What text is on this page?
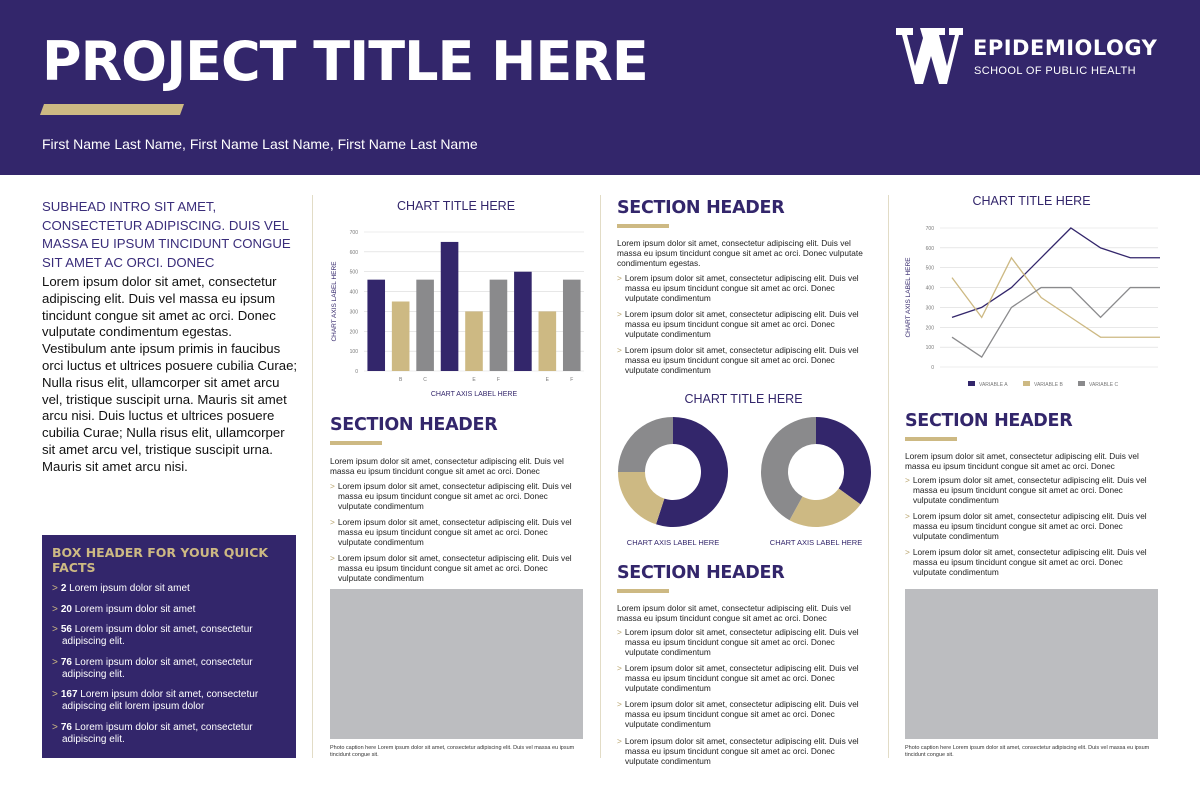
PROJECT TITLE HERE
First Name Last Name, First Name Last Name, First Name Last Name
EPIDEMIOLOGY
SCHOOL OF PUBLIC HEALTH
SUBHEAD INTRO SIT AMET, CONSECTETUR ADIPISCING. DUIS VEL MASSA EU IPSUM TINCIDUNT CONGUE SIT AMET AC ORCI. DONEC
Lorem ipsum dolor sit amet, consectetur adipiscing elit. Duis vel massa eu ipsum tincidunt congue sit amet ac orci. Donec vulputate condimentum egestas. Vestibulum ante ipsum primis in faucibus orci luctus et ultrices posuere cubilia Curae; Nulla risus elit, ullamcorper sit amet arcu vel, tristique suscipit urna. Mauris sit amet arcu nisi. Duis luctus et ultrices posuere cubilia Curae; Nulla risus elit, ullamcorper sit amet arcu vel, tristique suscipit urna. Mauris sit amet arcu nisi.
BOX HEADER FOR YOUR QUICK FACTS
> 2 Lorem ipsum dolor sit amet
> 20 Lorem ipsum dolor sit amet
> 56 Lorem ipsum dolor sit amet, consectetur adipiscing elit.
> 76 Lorem ipsum dolor sit amet, consectetur adipiscing elit.
> 167 Lorem ipsum dolor sit amet, consectetur adipiscing elit lorem ipsum dolor
> 76 Lorem ipsum dolor sit amet, consectetur adipiscing elit.
CHART TITLE HERE
0
100
200
300
400
500
600
700
B	C	E	F	E	F
CHART AXIS LABEL HERE
CHART AXIS LABEL HERE
SECTION HEADER
Lorem ipsum dolor sit amet, consectetur adipiscing elit. Duis vel massa eu ipsum tincidunt congue sit amet ac orci. Donec
> Lorem ipsum dolor sit amet, consectetur adipiscing elit. Duis vel massa eu ipsum tincidunt congue sit amet ac orci. Donec vulputate condimentum
> Lorem ipsum dolor sit amet, consectetur adipiscing elit. Duis vel massa eu ipsum tincidunt congue sit amet ac orci. Donec vulputate condimentum
> Lorem ipsum dolor sit amet, consectetur adipiscing elit. Duis vel massa eu ipsum tincidunt congue sit amet ac orci. Donec vulputate condimentum
Photo caption here Lorem ipsum dolor sit amet, consectetur adipiscing elit. Duis vel massa eu ipsum tincidunt congue sit.
SECTION HEADER
Lorem ipsum dolor sit amet, consectetur adipiscing elit. Duis vel massa eu ipsum tincidunt congue sit amet ac orci. Donec vulputate condimentum egestas.
> Lorem ipsum dolor sit amet, consectetur adipiscing elit. Duis vel massa eu ipsum tincidunt congue sit amet ac orci. Donec vulputate condimentum
> Lorem ipsum dolor sit amet, consectetur adipiscing elit. Duis vel massa eu ipsum tincidunt congue sit amet ac orci. Donec vulputate condimentum
> Lorem ipsum dolor sit amet, consectetur adipiscing elit. Duis vel massa eu ipsum tincidunt congue sit amet ac orci. Donec vulputate condimentum
CHART TITLE HERE
CHART AXIS LABEL HERE	CHART AXIS LABEL HERE
SECTION HEADER
Lorem ipsum dolor sit amet, consectetur adipiscing elit. Duis vel massa eu ipsum tincidunt congue sit amet ac orci. Donec
> Lorem ipsum dolor sit amet, consectetur adipiscing elit. Duis vel massa eu ipsum tincidunt congue sit amet ac orci. Donec vulputate condimentum
> Lorem ipsum dolor sit amet, consectetur adipiscing elit. Duis vel massa eu ipsum tincidunt congue sit amet ac orci. Donec vulputate condimentum
> Lorem ipsum dolor sit amet, consectetur adipiscing elit. Duis vel massa eu ipsum tincidunt congue sit amet ac orci. Donec vulputate condimentum
> Lorem ipsum dolor sit amet, consectetur adipiscing elit. Duis vel massa eu ipsum tincidunt congue sit amet ac orci. Donec vulputate condimentum
CHART TITLE HERE
0
100
200
300
400
500
600
700
CHART AXIS LABEL HERE
VARIABLE A	VARIABLE B	VARIABLE C
SECTION HEADER
Lorem ipsum dolor sit amet, consectetur adipiscing elit. Duis vel massa eu ipsum tincidunt congue sit amet ac orci. Donec
> Lorem ipsum dolor sit amet, consectetur adipiscing elit. Duis vel massa eu ipsum tincidunt congue sit amet ac orci. Donec vulputate condimentum
> Lorem ipsum dolor sit amet, consectetur adipiscing elit. Duis vel massa eu ipsum tincidunt congue sit amet ac orci. Donec vulputate condimentum
> Lorem ipsum dolor sit amet, consectetur adipiscing elit. Duis vel massa eu ipsum tincidunt congue sit amet ac orci. Donec vulputate condimentum
Photo caption here Lorem ipsum dolor sit amet, consectetur adipiscing elit. Duis vel massa eu ipsum tincidunt congue sit.
